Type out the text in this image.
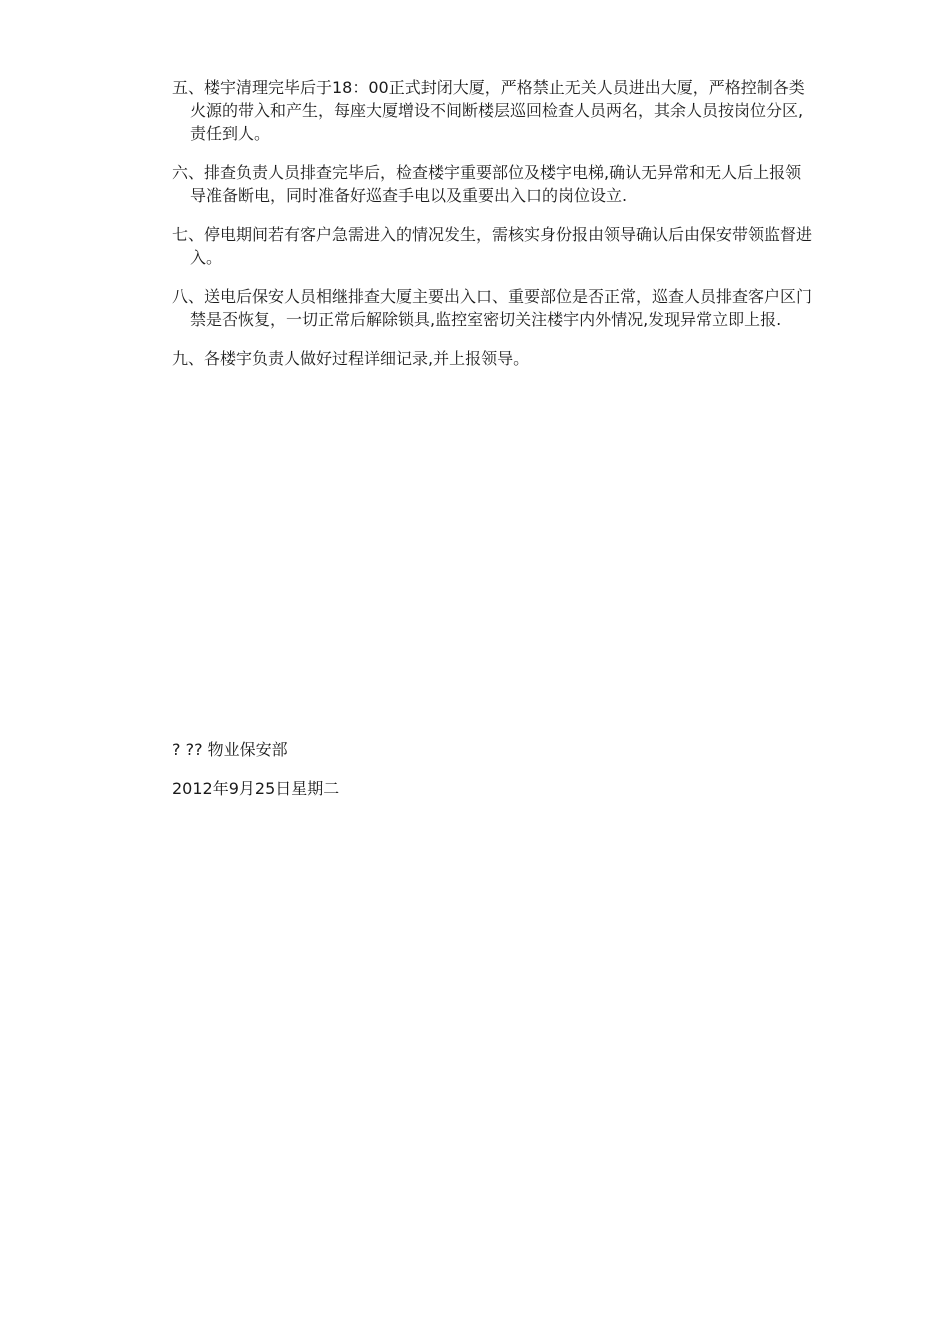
五、楼宇清理完毕后于18：00正式封闭大厦，严格禁止无关人员进出大厦，严格控制各类火源的带入和产生，每座大厦增设不间断楼层巡回检查人员两名，其余人员按岗位分区,责任到人。

六、排查负责人员排查完毕后，检查楼宇重要部位及楼宇电梯,确认无异常和无人后上报领导准备断电，同时准备好巡查手电以及重要出入口的岗位设立.

七、停电期间若有客户急需进入的情况发生，需核实身份报由领导确认后由保安带领监督进入。

八、送电后保安人员相继排查大厦主要出入口、重要部位是否正常，巡查人员排查客户区门禁是否恢复，一切正常后解除锁具,监控室密切关注楼宇内外情况,发现异常立即上报.

九、各楼宇负责人做好过程详细记录,并上报领导。

? ?? 物业保安部

2012年9月25日星期二
